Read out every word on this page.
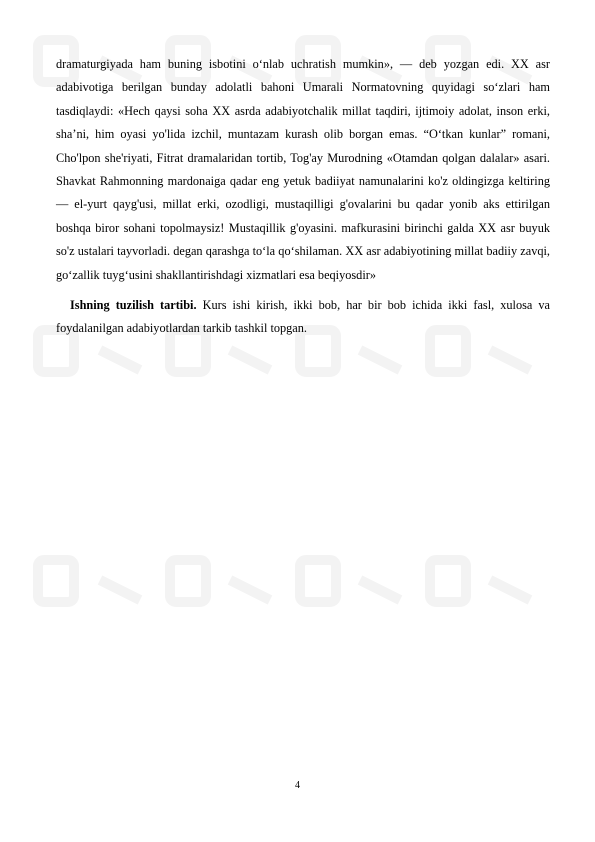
dramaturgiyada ham buning isbotini o‘nlab uchratish mumkin», — deb yozgan edi. XX asr adabivotiga berilgan bunday adolatli bahoni Umarali Normatovning quyidagi so‘zlari ham tasdiqlaydi: «Hech qaysi soha XX asrda adabiyotchalik millat taqdiri, ijtimoiy adolat, inson erki, sha’ni, him oyasi yo'lida izchil, muntazam kurash olib borgan emas. “O‘tkan kunlar” romani, Cho'lpon she'riyati, Fitrat dramalaridan tortib, Tog'ay Murodning «Otamdan qolgan dalalar» asari. Shavkat Rahmonning mardonaiga qadar eng yetuk badiiyat namunalarini ko'z oldingizga keltiring — el-yurt qayg'usi, millat erki, ozodligi, mustaqilligi g'ovalarini bu qadar yonib aks ettirilgan boshqa biror sohani topolmaysiz! Mustaqillik g'oyasini. mafkurasini birinchi galda XX asr buyuk so'z ustalari tayvorladi. degan qarashga to‘la qo‘shilaman. XX asr adabiyotining millat badiiy zavqi, go‘zallik tuyg‘usini shakllantirishdagi xizmatlari esa beqiyosdir»

Ishning tuzilish tartibi. Kurs ishi kirish, ikki bob, har bir bob ichida ikki fasl, xulosa va foydalanilgan adabiyotlardan tarkib tashkil topgan.

4
